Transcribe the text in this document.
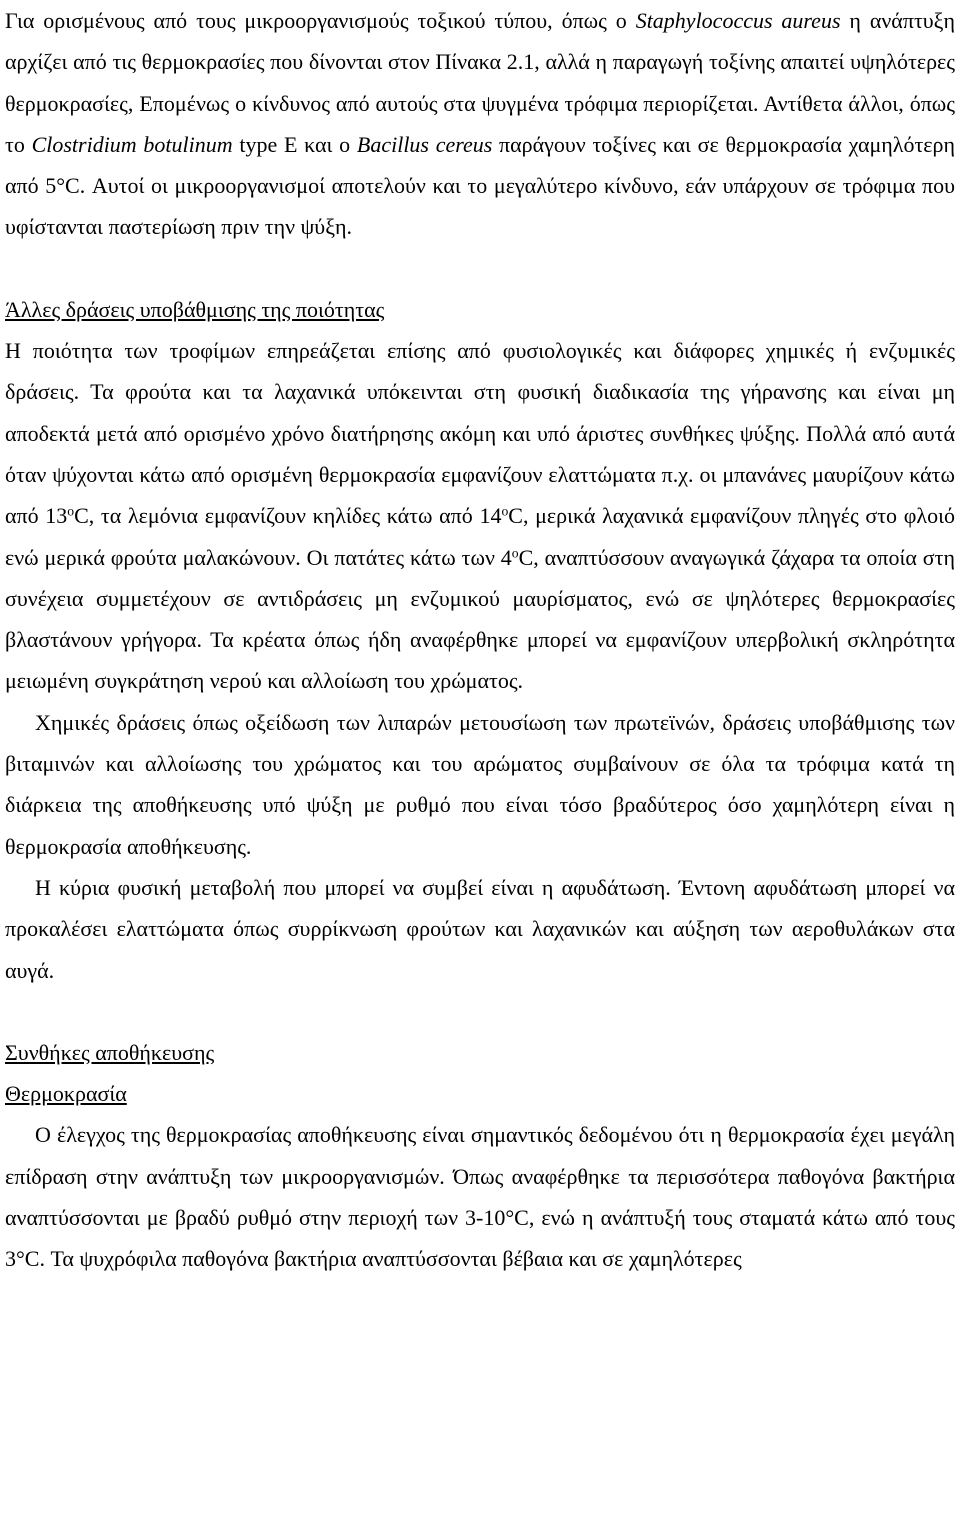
Για ορισμένους από τους μικροοργανισμούς τοξικού τύπου, όπως ο Staphylococcus aureus η ανάπτυξη αρχίζει από τις θερμοκρασίες που δίνονται στον Πίνακα 2.1, αλλά η παραγωγή τοξίνης απαιτεί υψηλότερες θερμοκρασίες, Επομένως ο κίνδυνος από αυτούς στα ψυγμένα τρόφιμα περιορίζεται. Αντίθετα άλλοι, όπως το Clostridium botulinum type E και ο Bacillus cereus παράγουν τοξίνες και σε θερμοκρασία χαμηλότερη από 5°C. Αυτοί οι μικροοργανισμοί αποτελούν και το μεγαλύτερο κίνδυνο, εάν υπάρχουν σε τρόφιμα που υφίστανται παστερίωση πριν την ψύξη.

Άλλες δράσεις υποβάθμισης της ποιότητας

Η ποιότητα των τροφίμων επηρεάζεται επίσης από φυσιολογικές και διάφορες χημικές ή ενζυμικές δράσεις. Τα φρούτα και τα λαχανικά υπόκεινται στη φυσική διαδικασία της γήρανσης και είναι μη αποδεκτά μετά από ορισμένο χρόνο διατήρησης ακόμη και υπό άριστες συνθήκες ψύξης. Πολλά από αυτά όταν ψύχονται κάτω από ορισμένη θερμοκρασία εμφανίζουν ελαττώματα π.χ. οι μπανάνες μαυρίζουν κάτω από 13$^o$C, τα λεμόνια εμφανίζουν κηλίδες κάτω από 14$^o$C, μερικά λαχανικά εμφανίζουν πληγές στο φλοιό ενώ μερικά φρούτα μαλακώνουν. Οι πατάτες κάτω των 4$^o$C, αναπτύσσουν αναγωγικά ζάχαρα τα οποία στη συνέχεια συμμετέχουν σε αντιδράσεις μη ενζυμικού μαυρίσματος, ενώ σε ψηλότερες θερμοκρασίες βλαστάνουν γρήγορα. Τα κρέατα όπως ήδη αναφέρθηκε μπορεί να εμφανίζουν υπερβολική σκληρότητα μειωμένη συγκράτηση νερού και αλλοίωση του χρώματος.

Χημικές δράσεις όπως οξείδωση των λιπαρών μετουσίωση των πρωτεϊνών, δράσεις υποβάθμισης των βιταμινών και αλλοίωσης του χρώματος και του αρώματος συμβαίνουν σε όλα τα τρόφιμα κατά τη διάρκεια της αποθήκευσης υπό ψύξη με ρυθμό που είναι τόσο βραδύτερος όσο χαμηλότερη είναι η θερμοκρασία αποθήκευσης.

Η κύρια φυσική μεταβολή που μπορεί να συμβεί είναι η αφυδάτωση. Έντονη αφυδάτωση μπορεί να προκαλέσει ελαττώματα όπως συρρίκνωση φρούτων και λαχανικών και αύξηση των αεροθυλάκων στα αυγά.

Συνθήκες αποθήκευσης

Θερμοκρασία

Ο έλεγχος της θερμοκρασίας αποθήκευσης είναι σημαντικός δεδομένου ότι η θερμοκρασία έχει μεγάλη επίδραση στην ανάπτυξη των μικροοργανισμών. Όπως αναφέρθηκε τα περισσότερα παθογόνα βακτήρια αναπτύσσονται με βραδύ ρυθμό στην περιοχή των 3-10°C, ενώ η ανάπτυξή τους σταματά κάτω από τους 3°C. Τα ψυχρόφιλα παθογόνα βακτήρια αναπτύσσονται βέβαια και σε χαμηλότερες
